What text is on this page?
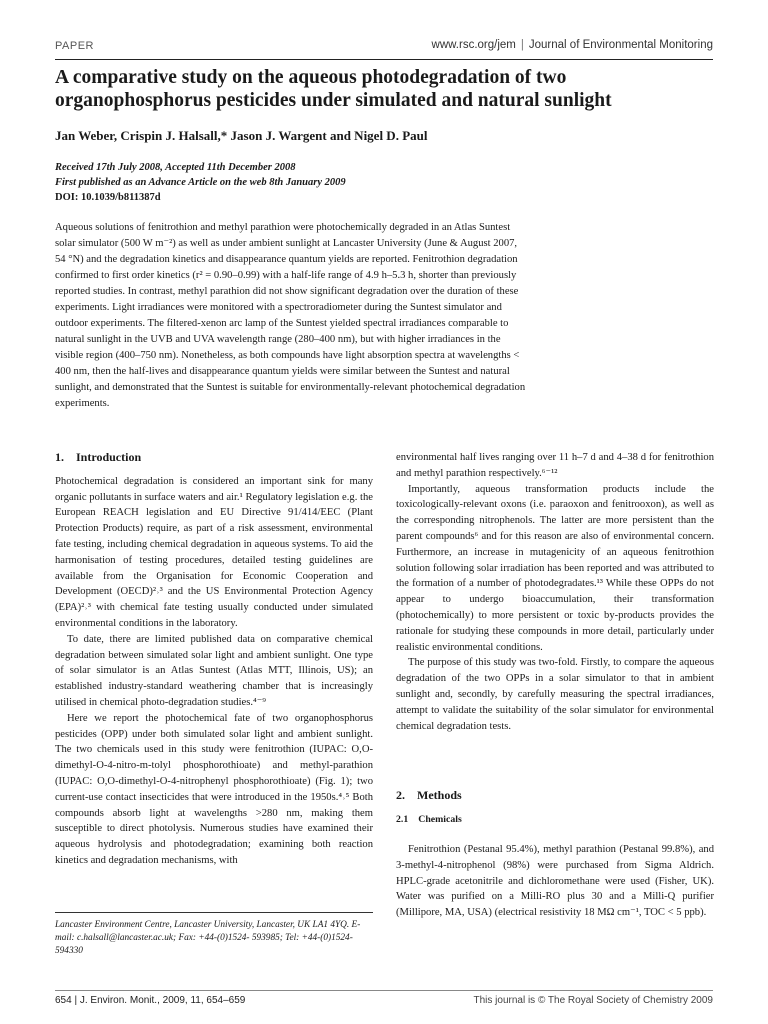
PAPER	www.rsc.org/jem | Journal of Environmental Monitoring
A comparative study on the aqueous photodegradation of two organophosphorus pesticides under simulated and natural sunlight
Jan Weber, Crispin J. Halsall,* Jason J. Wargent and Nigel D. Paul
Received 17th July 2008, Accepted 11th December 2008
First published as an Advance Article on the web 8th January 2009
DOI: 10.1039/b811387d

Aqueous solutions of fenitrothion and methyl parathion were photochemically degraded in an Atlas Suntest solar simulator (500 W m⁻²) as well as under ambient sunlight at Lancaster University (June & August 2007, 54 °N) and the degradation kinetics and disappearance quantum yields are reported. Fenitrothion degradation confirmed to first order kinetics (r² = 0.90–0.99) with a half-life range of 4.9 h–5.3 h, shorter than previously reported studies. In contrast, methyl parathion did not show significant degradation over the duration of these experiments. Light irradiances were monitored with a spectroradiometer during the Suntest simulator and outdoor experiments. The filtered-xenon arc lamp of the Suntest yielded spectral irradiances comparable to natural sunlight in the UVB and UVA wavelength range (280–400 nm), but with higher irradiances in the visible region (400–750 nm). Nonetheless, as both compounds have light absorption spectra at wavelengths < 400 nm, then the half-lives and disappearance quantum yields were similar between the Suntest and natural sunlight, and demonstrated that the Suntest is suitable for environmentally-relevant photochemical degradation experiments.

1. Introduction

Photochemical degradation is considered an important sink for many organic pollutants in surface waters and air.¹ Regulatory legislation e.g. the European REACH legislation and EU Directive 91/414/EEC (Plant Protection Products) require, as part of a risk assessment, environmental fate testing, including chemical degradation in aqueous systems. To aid the harmonisation of testing procedures, detailed testing guidelines are available from the Organisation for Economic Cooperation and Development (OECD)²˒³ and the US Environmental Protection Agency (EPA)²˒³ with chemical fate testing usually conducted under simulated environmental conditions in the laboratory.

To date, there are limited published data on comparative chemical degradation between simulated solar light and ambient sunlight. One type of solar simulator is an Atlas Suntest (Atlas MTT, Illinois, US); an established industry-standard weathering chamber that is increasingly utilised in chemical photo-degradation studies.⁴⁻⁹

Here we report the photochemical fate of two organophosphorus pesticides (OPP) under both simulated solar light and ambient sunlight. The two chemicals used in this study were fenitrothion (IUPAC: O,O-dimethyl-O-4-nitro-m-tolyl phosphorothioate) and methyl-parathion (IUPAC: O,O-dimethyl-O-4-nitrophenyl phosphorothioate) (Fig. 1); two current-use contact insecticides that were introduced in the 1950s.⁴˒⁵ Both compounds absorb light at wavelengths >280 nm, making them susceptible to direct photolysis. Numerous studies have examined their aqueous hydrolysis and photodegradation; examining both reaction kinetics and degradation mechanisms, with

Lancaster Environment Centre, Lancaster University, Lancaster, UK LA1 4YQ. E-mail: c.halsall@lancaster.ac.uk; Fax: +44-(0)1524- 593985; Tel: +44-(0)1524-594330

environmental half lives ranging over 11 h–7 d and 4–38 d for fenitrothion and methyl parathion respectively.⁶⁻¹²

Importantly, aqueous transformation products include the toxicologically-relevant oxons (i.e. paraoxon and fenitrooxon), as well as the corresponding nitrophenols. The latter are more persistent than the parent compounds⁶ and for this reason are also of environmental concern. Furthermore, an increase in mutagenicity of an aqueous fenitrothion solution following solar irradiation has been reported and was attributed to the formation of a number of photodegradates.¹³ While these OPPs do not appear to undergo bioaccumulation, their transformation (photochemically) to more persistent or toxic by-products provides the rationale for studying these compounds in more detail, particularly under realistic environmental conditions.

The purpose of this study was two-fold. Firstly, to compare the aqueous degradation of the two OPPs in a solar simulator to that in ambient sunlight and, secondly, by carefully measuring the spectral irradiances, attempt to validate the suitability of the solar simulator for environmental chemical degradation tests.

2. Methods
2.1 Chemicals

Fenitrothion (Pestanal 95.4%), methyl parathion (Pestanal 99.8%), and 3-methyl-4-nitrophenol (98%) were purchased from Sigma Aldrich. HPLC-grade acetonitrile and dichloromethane were used (Fisher, UK). Water was purified on a Milli-RO plus 30 and a Milli-Q purifier (Millipore, MA, USA) (electrical resistivity 18 MΩ cm⁻¹, TOC < 5 ppb).

654 | J. Environ. Monit., 2009, 11, 654–659	This journal is © The Royal Society of Chemistry 2009
